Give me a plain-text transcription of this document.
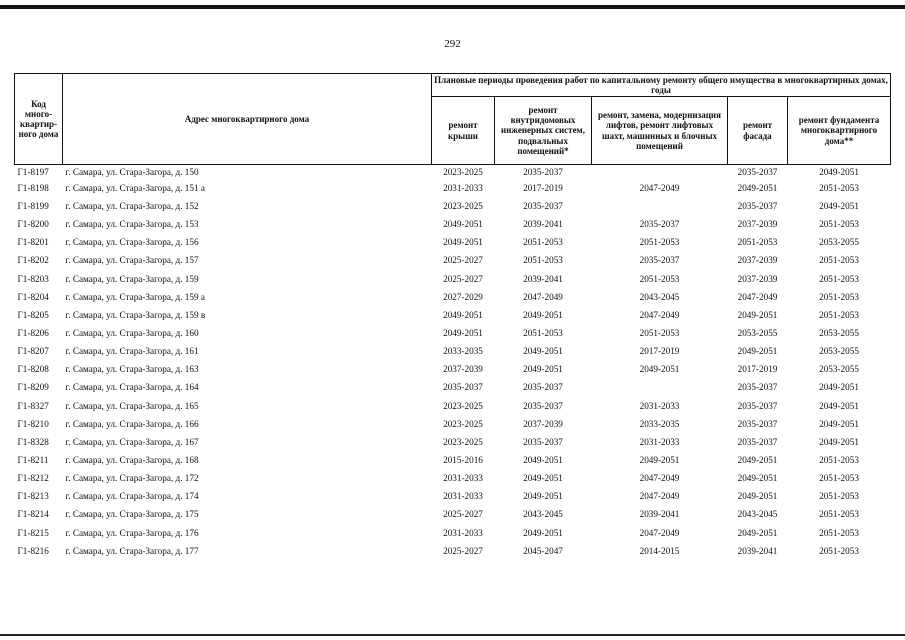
292
Код много-квартир-ного дома	Адрес многоквартирного дома	Плановые периоды проведения работ по капитальному ремонту общего имущества в многоквартирных домах, годы				
		ремонт крыши	ремонт внутридомовых инженерных систем, подвальных помещений*	ремонт, замена, модернизация лифтов, ремонт лифтовых шахт, машинных и блочных помещений	ремонт фасада	ремонт фундамента многоквартирного дома**
Г1-8197	г. Самара, ул. Стара-Загора, д. 150	2023-2025	2035-2037		2035-2037	2049-2051
Г1-8198	г. Самара, ул. Стара-Загора, д. 151 а	2031-2033	2017-2019	2047-2049	2049-2051	2051-2053
Г1-8199	г. Самара, ул. Стара-Загора, д. 152	2023-2025	2035-2037		2035-2037	2049-2051
Г1-8200	г. Самара, ул. Стара-Загора, д. 153	2049-2051	2039-2041	2035-2037	2037-2039	2051-2053
Г1-8201	г. Самара, ул. Стара-Загора, д. 156	2049-2051	2051-2053	2051-2053	2051-2053	2053-2055
Г1-8202	г. Самара, ул. Стара-Загора, д. 157	2025-2027	2051-2053	2035-2037	2037-2039	2051-2053
Г1-8203	г. Самара, ул. Стара-Загора, д. 159	2025-2027	2039-2041	2051-2053	2037-2039	2051-2053
Г1-8204	г. Самара, ул. Стара-Загора, д. 159 а	2027-2029	2047-2049	2043-2045	2047-2049	2051-2053
Г1-8205	г. Самара, ул. Стара-Загора, д. 159 в	2049-2051	2049-2051	2047-2049	2049-2051	2051-2053
Г1-8206	г. Самара, ул. Стара-Загора, д. 160	2049-2051	2051-2053	2051-2053	2053-2055	2053-2055
Г1-8207	г. Самара, ул. Стара-Загора, д. 161	2033-2035	2049-2051	2017-2019	2049-2051	2053-2055
Г1-8208	г. Самара, ул. Стара-Загора, д. 163	2037-2039	2049-2051	2049-2051	2017-2019	2053-2055
Г1-8209	г. Самара, ул. Стара-Загора, д. 164	2035-2037	2035-2037		2035-2037	2049-2051
Г1-8327	г. Самара, ул. Стара-Загора, д. 165	2023-2025	2035-2037	2031-2033	2035-2037	2049-2051
Г1-8210	г. Самара, ул. Стара-Загора, д. 166	2023-2025	2037-2039	2033-2035	2035-2037	2049-2051
Г1-8328	г. Самара, ул. Стара-Загора, д. 167	2023-2025	2035-2037	2031-2033	2035-2037	2049-2051
Г1-8211	г. Самара, ул. Стара-Загора, д. 168	2015-2016	2049-2051	2049-2051	2049-2051	2051-2053
Г1-8212	г. Самара, ул. Стара-Загора, д. 172	2031-2033	2049-2051	2047-2049	2049-2051	2051-2053
Г1-8213	г. Самара, ул. Стара-Загора, д. 174	2031-2033	2049-2051	2047-2049	2049-2051	2051-2053
Г1-8214	г. Самара, ул. Стара-Загора, д. 175	2025-2027	2043-2045	2039-2041	2043-2045	2051-2053
Г1-8215	г. Самара, ул. Стара-Загора, д. 176	2031-2033	2049-2051	2047-2049	2049-2051	2051-2053
Г1-8216	г. Самара, ул. Стара-Загора, д. 177	2025-2027	2045-2047	2014-2015	2039-2041	2051-2053
